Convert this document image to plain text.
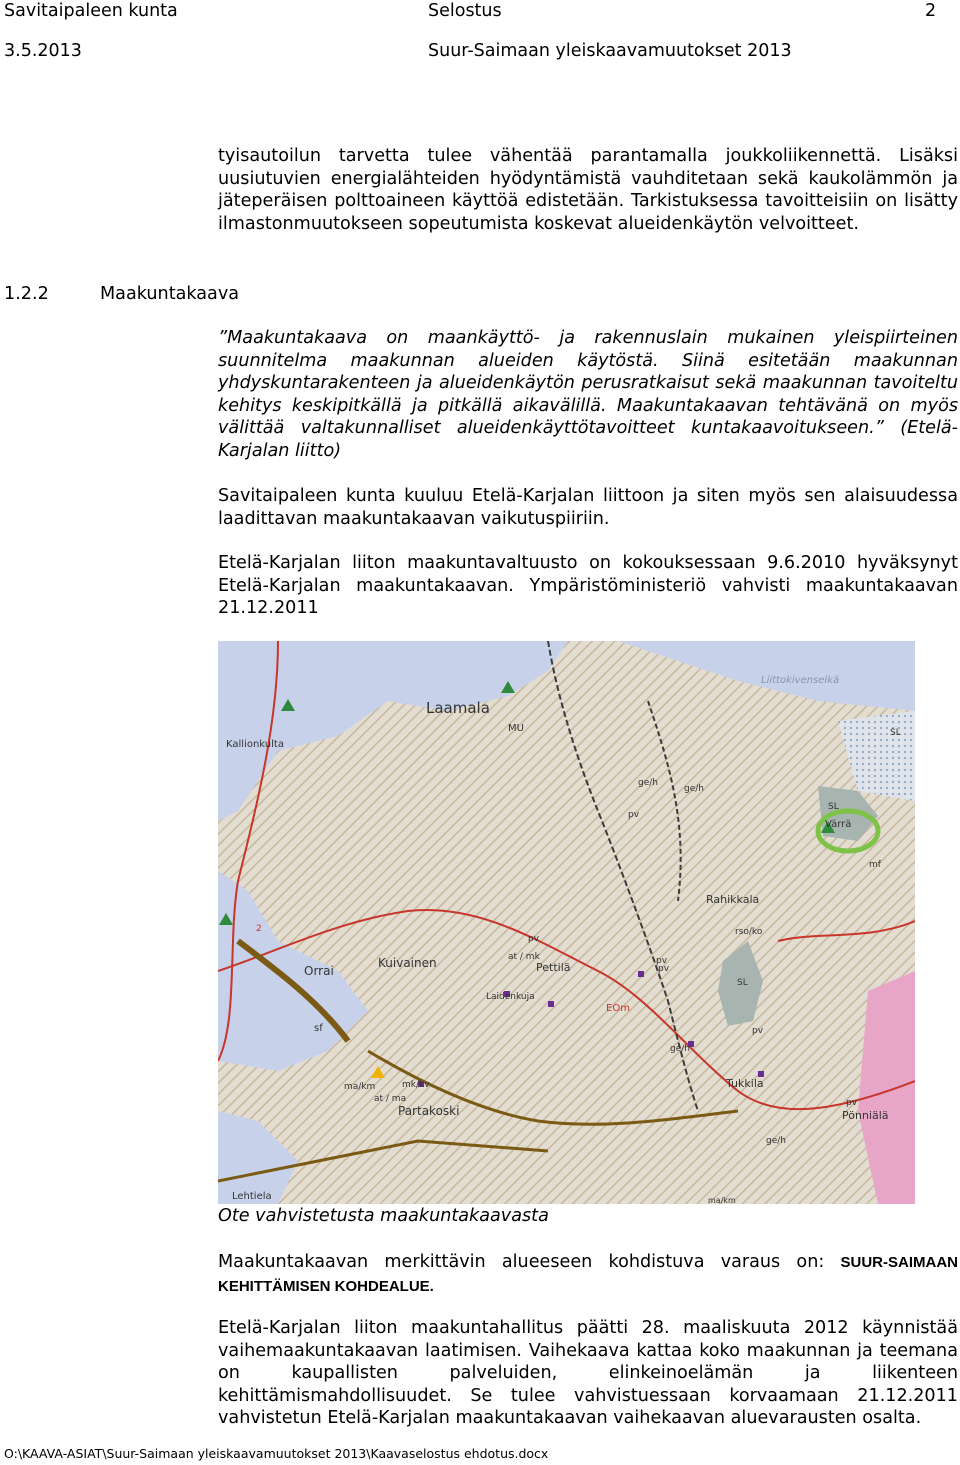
Savitaipaleen kunta	Selostus	2
3.5.2013	Suur-Saimaan yleiskaavamuutokset 2013

tyisautoilun tarvetta tulee vähentää parantamalla joukkoliikennettä. Lisäksi uusiutuvien energialähteiden hyödyntämistä vauhditetaan sekä kaukolämmön ja jäteperäisen polttoaineen käyttöä edistetään. Tarkistuksessa tavoitteisiin on lisätty ilmastonmuutokseen sopeutumista koskevat alueidenkäytön velvoitteet.

1.2.2	Maakuntakaava

”Maakuntakaava on maankäyttö- ja rakennuslain mukainen yleispiirteinen suunnitelma maakunnan alueiden käytöstä. Siinä esitetään maakunnan yhdyskuntarakenteen ja alueidenkäytön perusratkaisut sekä maakunnan tavoiteltu kehitys keskipitkällä ja pitkällä aikavälillä. Maakuntakaavan tehtävänä on myös välittää valtakunnalliset alueidenkäyttötavoitteet kuntakaavoitukseen.” (Etelä-Karjalan liitto)

Savitaipaleen kunta kuuluu Etelä-Karjalan liittoon ja siten myös sen alaisuudessa laadittavan maakuntakaavan vaikutuspiiriin.

Etelä-Karjalan liiton maakuntavaltuusto on kokouksessaan 9.6.2010 hyväksynyt Etelä-Karjalan maakuntakaavan. Ympäristöministeriö vahvisti maakuntakaavan 21.12.2011

Laamala
Kallionkulta
Liittokivenselkä
MU	SL
SL
SL
ge/h
pv
Värrä
mf
Rahikkala
rso/ko
pv
pv
Orrai
Kuivainen	Pettilä
Laidenkuja
at / mk
EOm
ge/h
pv
sf
ma/km
at / ma
mk/kv
Partakoski
Tukkila
Pönniälä
Lehtiela	ma/km
ge/h
pv
2
pv
ge/h
Ote vahvistetusta maakuntakaavasta

Maakuntakaavan merkittävin alueeseen kohdistuva varaus on: SUUR-SAIMAAN KEHITTÄMISEN KOHDEALUE.

Etelä-Karjalan liiton maakuntahallitus päätti 28. maaliskuuta 2012 käynnistää vaihemaakuntakaavan laatimisen. Vaihekaava kattaa koko maakunnan ja teemana on kaupallisten palveluiden, elinkeinoelämän ja liikenteen kehittämismahdollisuudet. Se tulee vahvistuessaan korvaamaan 21.12.2011 vahvistetun Etelä-Karjalan maakuntakaavan vaihekaavan aluevarausten osalta.

O:\KAAVA-ASIAT\Suur-Saimaan yleiskaavamuutokset 2013\Kaavaselostus ehdotus.docx
